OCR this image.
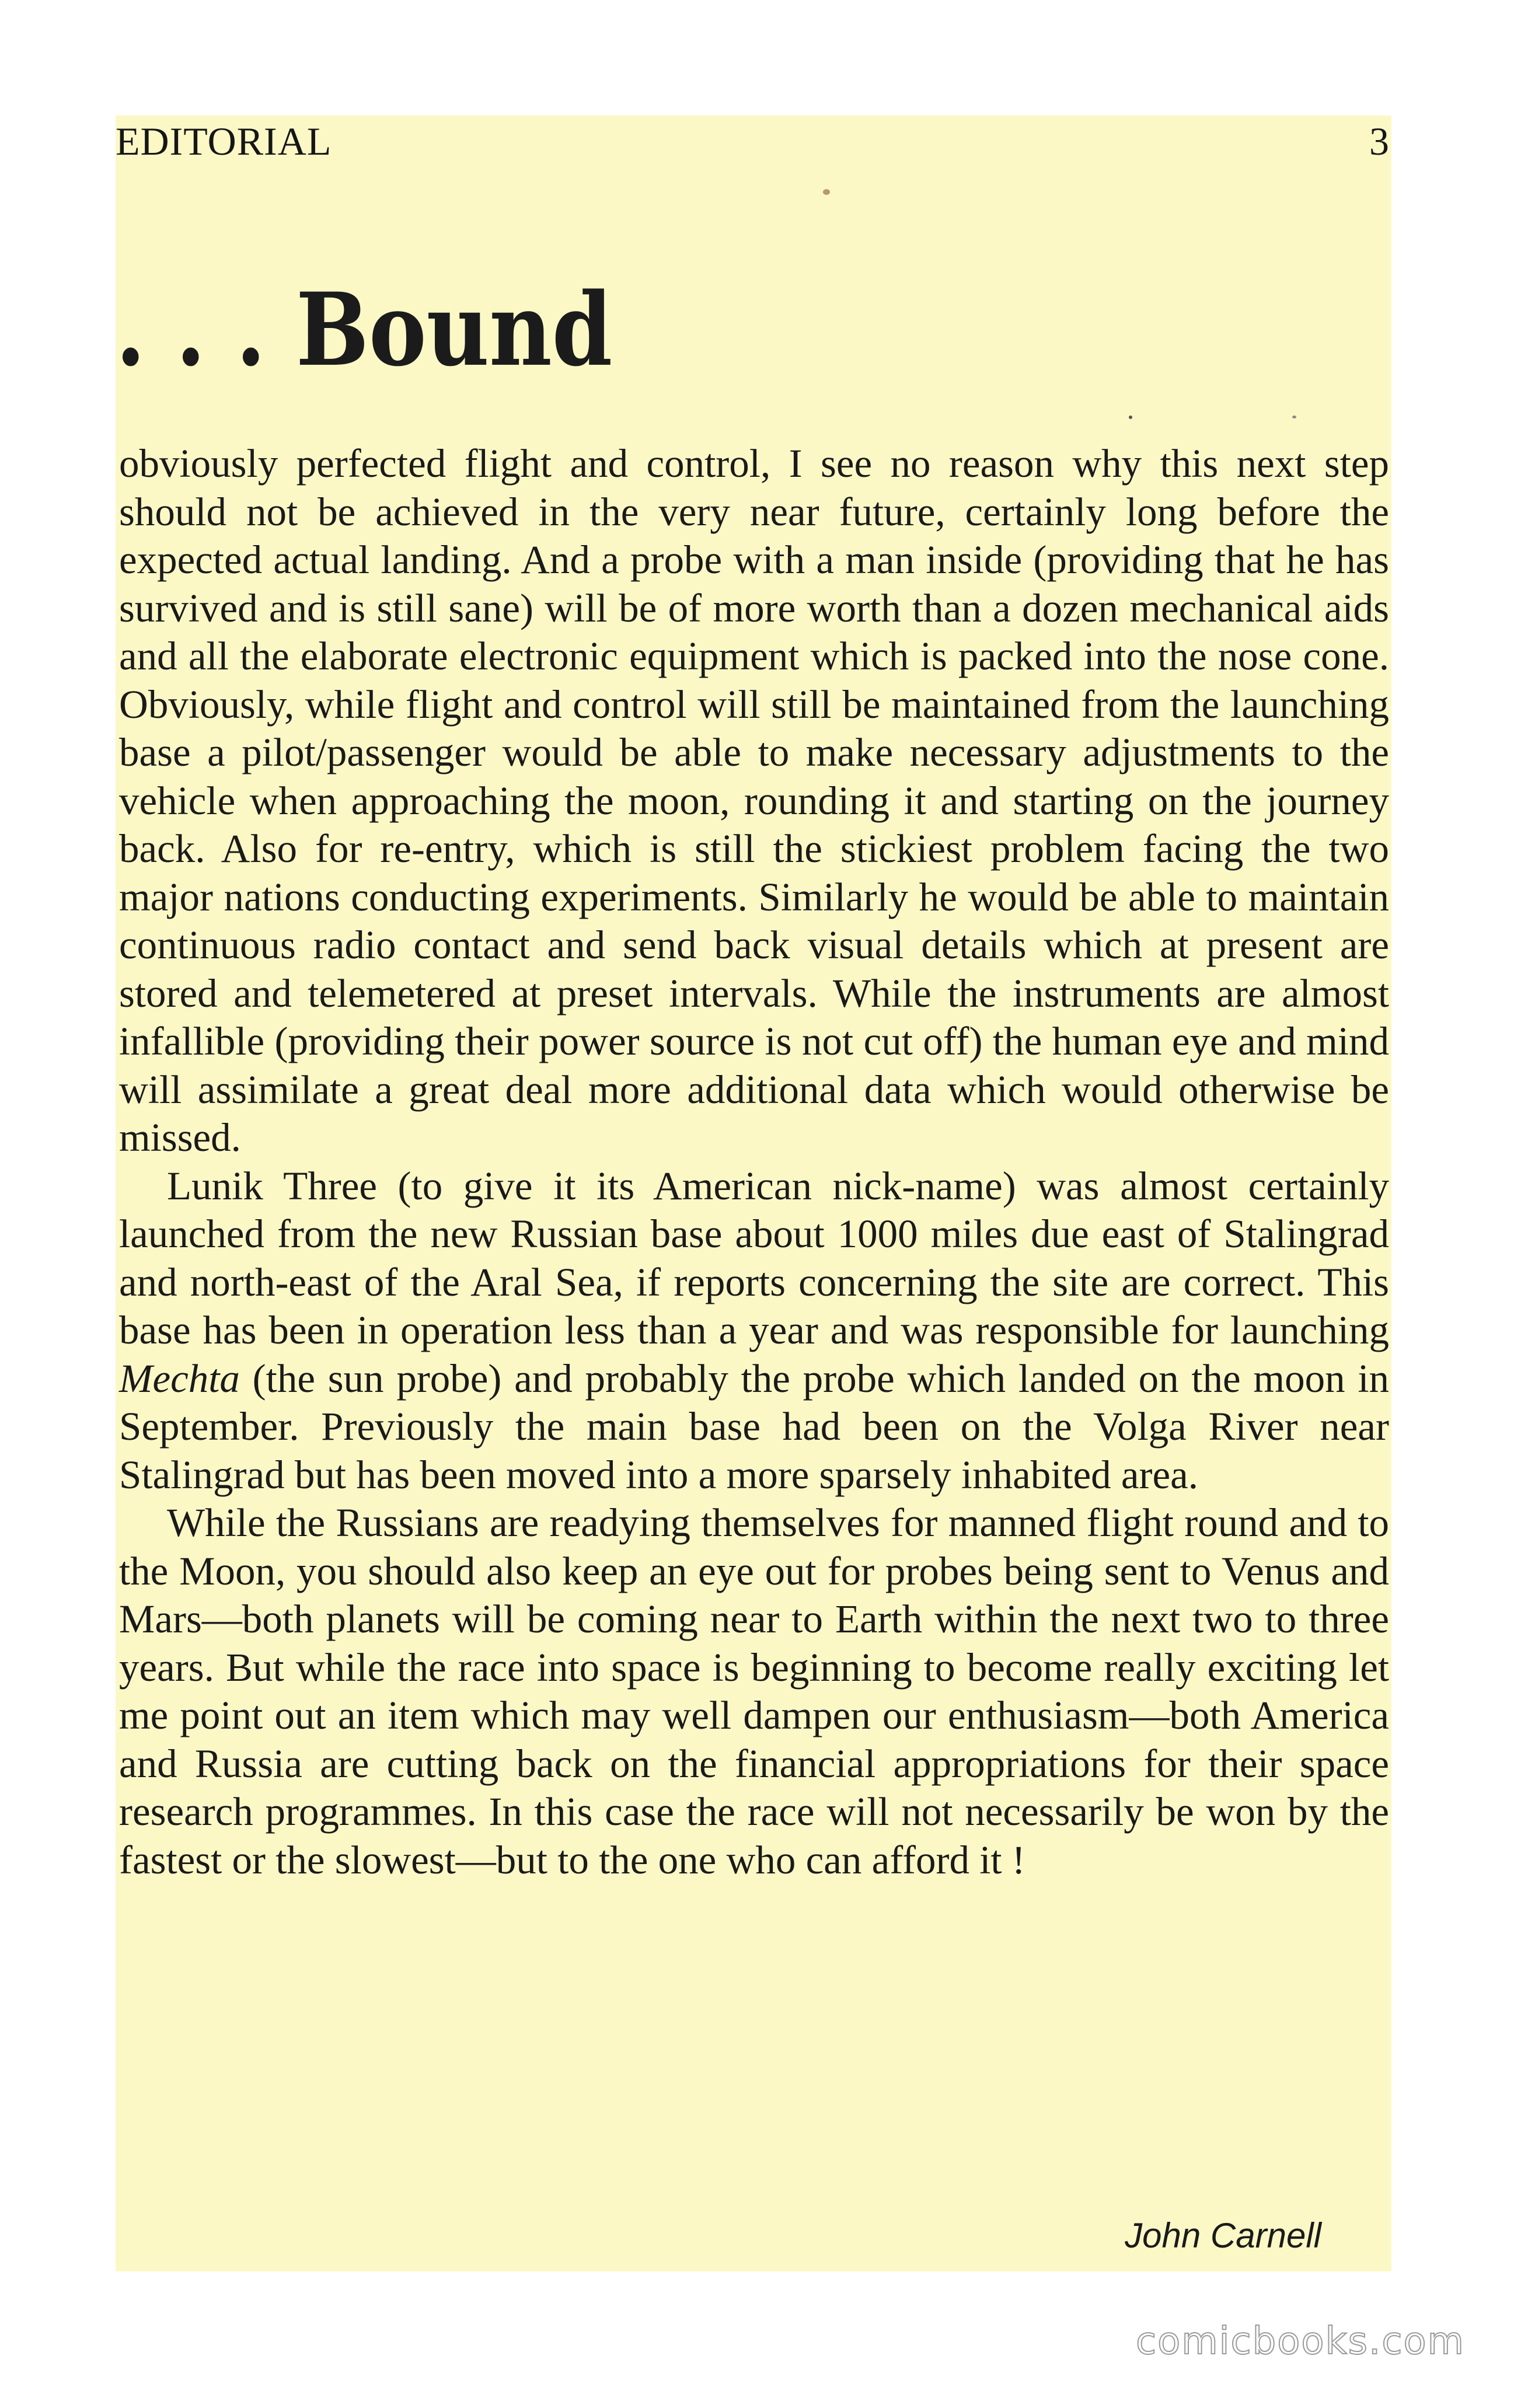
EDITORIAL	3
. . . Bound

obviously perfected flight and control, I see no reason why this next step should not be achieved in the very near future, certainly long before the expected actual landing. And a probe with a man inside (providing that he has survived and is still sane) will be of more worth than a dozen mechanical aids and all the elaborate electronic equipment which is packed into the nose cone. Obviously, while flight and control will still be maintained from the launching base a pilot/passenger would be able to make necessary adjustments to the vehicle when approaching the moon, rounding it and starting on the journey back. Also for re-entry, which is still the stickiest problem facing the two major nations conducting experiments. Similarly he would be able to maintain continuous radio contact and send back visual details which at present are stored and telemetered at preset intervals. While the instruments are almost infallible (providing their power source is not cut off) the human eye and mind will assimilate a great deal more additional data which would otherwise be missed.

Lunik Three (to give it its American nick-name) was almost certainly launched from the new Russian base about 1000 miles due east of Stalingrad and north-east of the Aral Sea, if reports concerning the site are correct. This base has been in operation less than a year and was responsible for launching Mechta (the sun probe) and probably the probe which landed on the moon in September. Previously the main base had been on the Volga River near Stalingrad but has been moved into a more sparsely inhabited area.

While the Russians are readying themselves for manned flight round and to the Moon, you should also keep an eye out for probes being sent to Venus and Mars—both planets will be coming near to Earth within the next two to three years. But while the race into space is beginning to become really exciting let me point out an item which may well dampen our enthusiasm—both America and Russia are cutting back on the financial appropriations for their space research programmes. In this case the race will not necessarily be won by the fastest or the slowest—but to the one who can afford it !

John Carnell
comicbooks.com
